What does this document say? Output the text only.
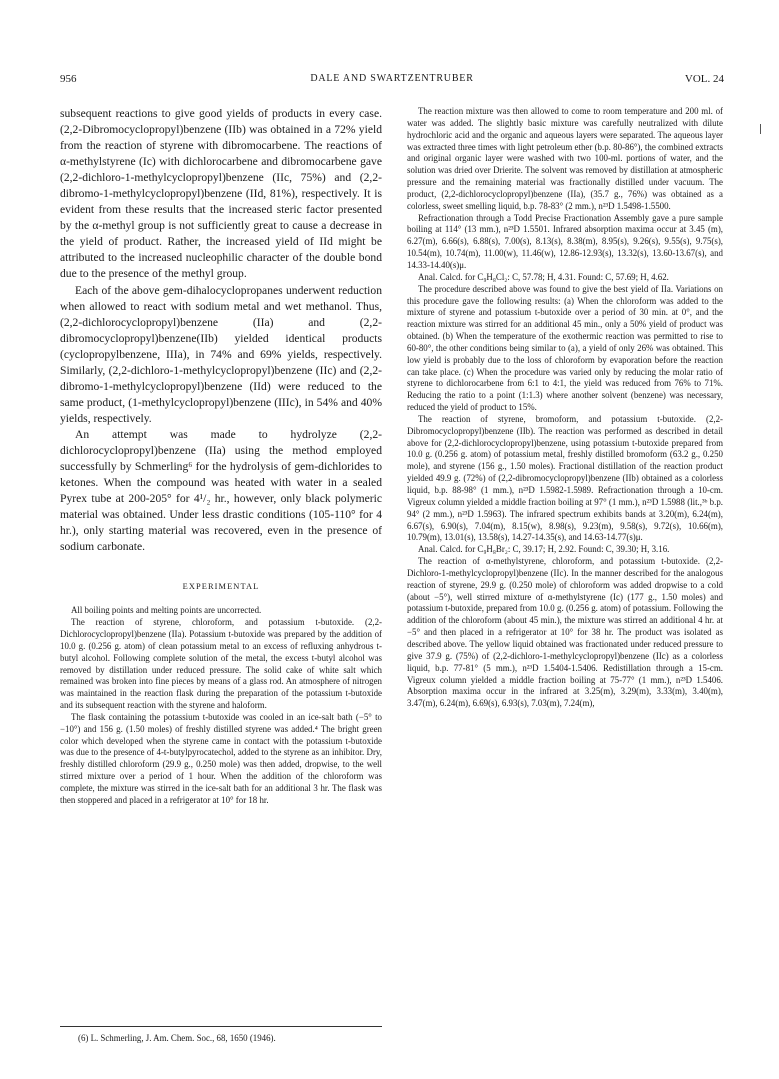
956	DALE AND SWARTZENTRUBER	VOL. 24

subsequent reactions to give good yields of products in every case. (2,2-Dibromocyclopropyl)benzene (IIb) was obtained in a 72% yield from the reaction of styrene with dibromocarbene. The reactions of α-methylstyrene (Ic) with dichlorocarbene and dibromocarbene gave (2,2-dichloro-1-methylcyclopropyl)benzene (IIc, 75%) and (2,2-dibromo-1-methylcyclopropyl)benzene (IId, 81%), respectively. It is evident from these results that the increased steric factor presented by the α-methyl group is not sufficiently great to cause a decrease in the yield of product. Rather, the increased yield of IId might be attributed to the increased nucleophilic character of the double bond due to the presence of the methyl group.

Each of the above gem-dihalocyclopropanes underwent reduction when allowed to react with sodium metal and wet methanol. Thus, (2,2-dichlorocyclopropyl)benzene (IIa) and (2,2-dibromocyclopropyl)benzene(IIb) yielded identical products (cyclopropylbenzene, IIIa), in 74% and 69% yields, respectively. Similarly, (2,2-dichloro-1-methylcyclopropyl)benzene (IIc) and (2,2-dibromo-1-methylcyclopropyl)benzene (IId) were reduced to the same product, (1-methylcyclopropyl)benzene (IIIc), in 54% and 40% yields, respectively.

An attempt was made to hydrolyze (2,2-dichlorocyclopropyl)benzene (IIa) using the method employed successfully by Schmerling⁶ for the hydrolysis of gem-dichlorides to ketones. When the compound was heated with water in a sealed Pyrex tube at 200-205° for 4¹/₂ hr., however, only black polymeric material was obtained. Under less drastic conditions (105-110° for 4 hr.), only starting material was recovered, even in the presence of sodium carbonate.

EXPERIMENTAL

All boiling points and melting points are uncorrected.

The reaction of styrene, chloroform, and potassium t-butoxide. (2,2-Dichlorocyclopropyl)benzene (IIa). Potassium t-butoxide was prepared by the addition of 10.0 g. (0.256 g. atom) of clean potassium metal to an excess of refluxing anhydrous t-butyl alcohol. Following complete solution of the metal, the excess t-butyl alcohol was removed by distillation under reduced pressure. The solid cake of white salt which remained was broken into fine pieces by means of a glass rod. An atmosphere of nitrogen was maintained in the reaction flask during the preparation of the potassium t-butoxide and its subsequent reaction with the styrene and haloform.

The flask containing the potassium t-butoxide was cooled in an ice-salt bath (−5° to −10°) and 156 g. (1.50 moles) of freshly distilled styrene was added.⁴ The bright green color which developed when the styrene came in contact with the potassium t-butoxide was due to the presence of 4-t-butylpyrocatechol, added to the styrene as an inhibitor. Dry, freshly distilled chloroform (29.9 g., 0.250 mole) was then added, dropwise, to the well stirred mixture over a period of 1 hour. When the addition of the chloroform was complete, the mixture was stirred in the ice-salt bath for an additional 3 hr. The flask was then stoppered and placed in a refrigerator at 10° for 18 hr.

(6) L. Schmerling, J. Am. Chem. Soc., 68, 1650 (1946).

The reaction mixture was then allowed to come to room temperature and 200 ml. of water was added. The slightly basic mixture was carefully neutralized with dilute hydrochloric acid and the organic and aqueous layers were separated. The aqueous layer was extracted three times with light petroleum ether (b.p. 80-86°), the combined extracts and original organic layer were washed with two 100-ml. portions of water, and the solution was dried over Drierite. The solvent was removed by distillation at atmospheric pressure and the remaining material was fractionally distilled under vacuum. The product, (2,2-dichlorocyclopropyl)benzene (IIa), (35.7 g., 76%) was obtained as a colorless, sweet smelling liquid, b.p. 78-83° (2 mm.), n²³D 1.5498-1.5500.

Refractionation through a Todd Precise Fractionation Assembly gave a pure sample boiling at 114° (13 mm.), n²³D 1.5501. Infrared absorption maxima occur at 3.45 (m), 6.27(m), 6.66(s), 6.88(s), 7.00(s), 8.13(s), 8.38(m), 8.95(s), 9.26(s), 9.55(s), 9.75(s), 10.54(m), 10.74(m), 11.00(w), 11.46(w), 12.86-12.93(s), 13.32(s), 13.60-13.67(s), and 14.33-14.40(s)μ.

Anal. Calcd. for C₉H₈Cl₂: C, 57.78; H, 4.31. Found: C, 57.69; H, 4.62.

The procedure described above was found to give the best yield of IIa. Variations on this procedure gave the following results: (a) When the chloroform was added to the mixture of styrene and potassium t-butoxide over a period of 30 min. at 0°, and the reaction mixture was stirred for an additional 45 min., only a 50% yield of product was obtained. (b) When the temperature of the exothermic reaction was permitted to rise to 60-80°, the other conditions being similar to (a), a yield of only 26% was obtained. This low yield is probably due to the loss of chloroform by evaporation before the reaction can take place. (c) When the procedure was varied only by reducing the molar ratio of styrene to dichlorocarbene from 6:1 to 4:1, the yield was reduced from 76% to 71%. Reducing the ratio to a point (1:1.3) where another solvent (benzene) was necessary, reduced the yield of product to 15%.

The reaction of styrene, bromoform, and potassium t-butoxide. (2,2-Dibromocyclopropyl)benzene (IIb). The reaction was performed as described in detail above for (2,2-dichlorocyclopropyl)benzene, using potassium t-butoxide prepared from 10.0 g. (0.256 g. atom) of potassium metal, freshly distilled bromoform (63.2 g., 0.250 mole), and styrene (156 g., 1.50 moles). Fractional distillation of the reaction product yielded 49.9 g. (72%) of (2,2-dibromocyclopropyl)benzene (IIb) obtained as a colorless liquid, b.p. 88-98° (1 mm.), n²³D 1.5982-1.5989. Refractionation through a 10-cm. Vigreux column yielded a middle fraction boiling at 97° (1 mm.), n²³D 1.5988 (lit.,³ᵇ b.p. 94° (2 mm.), n²³D 1.5963). The infrared spectrum exhibits bands at 3.20(m), 6.24(m), 6.67(s), 6.90(s), 7.04(m), 8.15(w), 8.98(s), 9.23(m), 9.58(s), 9.72(s), 10.66(m), 10.79(m), 13.01(s), 13.58(s), 14.27-14.35(s), and 14.63-14.77(s)μ.

Anal. Calcd. for C₉H₈Br₂: C, 39.17; H, 2.92. Found: C, 39.30; H, 3.16.

The reaction of α-methylstyrene, chloroform, and potassium t-butoxide. (2,2-Dichloro-1-methylcyclopropyl)benzene (IIc). In the manner described for the analogous reaction of styrene, 29.9 g. (0.250 mole) of chloroform was added dropwise to a cold (about −5°), well stirred mixture of α-methylstyrene (Ic) (177 g., 1.50 moles) and potassium t-butoxide, prepared from 10.0 g. (0.256 g. atom) of potassium. Following the addition of the chloroform (about 45 min.), the mixture was stirred an additional 4 hr. at −5° and then placed in a refrigerator at 10° for 38 hr. The product was isolated as described above. The yellow liquid obtained was fractionated under reduced pressure to give 37.9 g. (75%) of (2,2-dichloro-1-methylcyclopropyl)benzene (IIc) as a colorless liquid, b.p. 77-81° (5 mm.), n²³D 1.5404-1.5406. Redistillation through a 15-cm. Vigreux column yielded a middle fraction boiling at 75-77° (1 mm.), n²³D 1.5406. Absorption maxima occur in the infrared at 3.25(m), 3.29(m), 3.33(m), 3.40(m), 3.47(m), 6.24(m), 6.69(s), 6.93(s), 7.03(m), 7.24(m),
